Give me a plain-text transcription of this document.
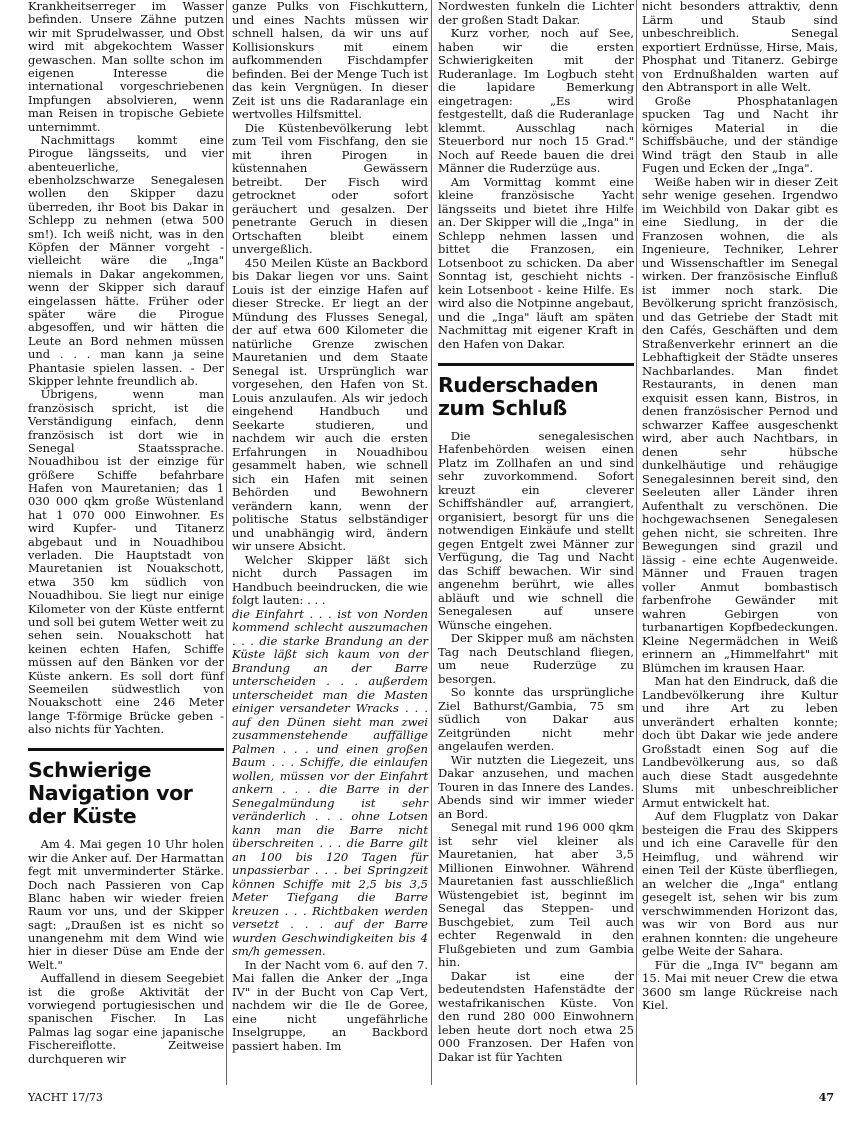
Krankheitserreger im Wasser befinden. Unsere Zähne putzen wir mit Sprudelwasser, und Obst wird mit abgekochtem Wasser gewaschen. Man sollte schon im eigenen Interesse die international vorgeschriebenen Impfungen absolvieren, wenn man Reisen in tropische Gebiete unternimmt.

Nachmittags kommt eine Pirogue längsseits, und vier abenteuerliche, ebenholzschwarze Senegalesen wollen den Skipper dazu überreden, ihr Boot bis Dakar in Schlepp zu nehmen (etwa 500 sm!). Ich weiß nicht, was in den Köpfen der Männer vorgeht - vielleicht wäre die „Inga" niemals in Dakar angekommen, wenn der Skipper sich darauf eingelassen hätte. Früher oder später wäre die Pirogue abgesoffen, und wir hätten die Leute an Bord nehmen müssen und . . . man kann ja seine Phantasie spielen lassen. - Der Skipper lehnte freundlich ab.

Übrigens, wenn man französisch spricht, ist die Verständigung einfach, denn französisch ist dort wie in Senegal Staatssprache. Nouadhibou ist der einzige für größere Schiffe befahrbare Hafen von Mauretanien; das 1 030 000 qkm große Wüstenland hat 1 070 000 Einwohner. Es wird Kupfer- und Titanerz abgebaut und in Nouadhibou verladen. Die Hauptstadt von Mauretanien ist Nouakschott, etwa 350 km südlich von Nouadhibou. Sie liegt nur einige Kilometer von der Küste entfernt und soll bei gutem Wetter weit zu sehen sein. Nouakschott hat keinen echten Hafen, Schiffe müssen auf den Bänken vor der Küste ankern. Es soll dort fünf Seemeilen südwestlich von Nouakschott eine 246 Meter lange T-förmige Brücke geben - also nichts für Yachten.

Schwierige Navigation vor der Küste

Am 4. Mai gegen 10 Uhr holen wir die Anker auf. Der Harmattan fegt mit unverminderter Stärke. Doch nach Passieren von Cap Blanc haben wir wieder freien Raum vor uns, und der Skipper sagt: „Draußen ist es nicht so unangenehm mit dem Wind wie hier in dieser Düse am Ende der Welt."

Auffallend in diesem Seegebiet ist die große Aktivität der vorwiegend portugiesischen und spanischen Fischer. In Las Palmas lag sogar eine japanische Fischereiflotte. Zeitweise durchqueren wir

ganze Pulks von Fischkuttern, und eines Nachts müssen wir schnell halsen, da wir uns auf Kollisionskurs mit einem aufkommenden Fischdampfer befinden. Bei der Menge Tuch ist das kein Vergnügen. In dieser Zeit ist uns die Radaranlage ein wertvolles Hilfsmittel.

Die Küstenbevölkerung lebt zum Teil vom Fischfang, den sie mit ihren Pirogen in küstennahen Gewässern betreibt. Der Fisch wird getrocknet oder sofort geräuchert und gesalzen. Der penetrante Geruch in diesen Ortschaften bleibt einem unvergeßlich.

450 Meilen Küste an Backbord bis Dakar liegen vor uns. Saint Louis ist der einzige Hafen auf dieser Strecke. Er liegt an der Mündung des Flusses Senegal, der auf etwa 600 Kilometer die natürliche Grenze zwischen Mauretanien und dem Staate Senegal ist. Ursprünglich war vorgesehen, den Hafen von St. Louis anzulaufen. Als wir jedoch eingehend Handbuch und Seekarte studieren, und nachdem wir auch die ersten Erfahrungen in Nouadhibou gesammelt haben, wie schnell sich ein Hafen mit seinen Behörden und Bewohnern verändern kann, wenn der politische Status selbständiger und unabhängig wird, ändern wir unsere Absicht.

Welcher Skipper läßt sich nicht durch Passagen im Handbuch beeindrucken, die wie folgt lauten: . . .

die Einfahrt . . . ist von Norden kommend schlecht auszumachen . . . die starke Brandung an der Küste läßt sich kaum von der Brandung an der Barre unterscheiden . . . außerdem unterscheidet man die Masten einiger versandeter Wracks . . . auf den Dünen sieht man zwei zusammenstehende auffällige Palmen . . . und einen großen Baum . . . Schiffe, die einlaufen wollen, müssen vor der Einfahrt ankern . . . die Barre in der Senegalmündung ist sehr veränderlich . . . ohne Lotsen kann man die Barre nicht überschreiten . . . die Barre gilt an 100 bis 120 Tagen für unpassierbar . . . bei Springzeit können Schiffe mit 2,5 bis 3,5 Meter Tiefgang die Barre kreuzen . . . Richtbaken werden versetzt . . . auf der Barre wurden Geschwindigkeiten bis 4 sm/h gemessen.

In der Nacht vom 6. auf den 7. Mai fallen die Anker der „Inga IV" in der Bucht von Cap Vert, nachdem wir die Ile de Goree, eine nicht ungefährliche Inselgruppe, an Backbord passiert haben. Im

Nordwesten funkeln die Lichter der großen Stadt Dakar.

Kurz vorher, noch auf See, haben wir die ersten Schwierigkeiten mit der Ruderanlage. Im Logbuch steht die lapidare Bemerkung eingetragen: „Es wird festgestellt, daß die Ruderanlage klemmt. Ausschlag nach Steuerbord nur noch 15 Grad." Noch auf Reede bauen die drei Männer die Ruderzüge aus.

Am Vormittag kommt eine kleine französische Yacht längsseits und bietet ihre Hilfe an. Der Skipper will die „Inga" in Schlepp nehmen lassen und bittet die Franzosen, ein Lotsenboot zu schicken. Da aber Sonntag ist, geschieht nichts - kein Lotsenboot - keine Hilfe. Es wird also die Notpinne angebaut, und die „Inga" läuft am späten Nachmittag mit eigener Kraft in den Hafen von Dakar.

Ruderschaden zum Schluß

Die senegalesischen Hafenbehörden weisen einen Platz im Zollhafen an und sind sehr zuvorkommend. Sofort kreuzt ein cleverer Schiffshändler auf, arrangiert, organisiert, besorgt für uns die notwendigen Einkäufe und stellt gegen Entgelt zwei Männer zur Verfügung, die Tag und Nacht das Schiff bewachen. Wir sind angenehm berührt, wie alles abläuft und wie schnell die Senegalesen auf unsere Wünsche eingehen.

Der Skipper muß am nächsten Tag nach Deutschland fliegen, um neue Ruderzüge zu besorgen.

So konnte das ursprüngliche Ziel Bathurst/Gambia, 75 sm südlich von Dakar aus Zeitgründen nicht mehr angelaufen werden.

Wir nutzten die Liegezeit, uns Dakar anzusehen, und machen Touren in das Innere des Landes. Abends sind wir immer wieder an Bord.

Senegal mit rund 196 000 qkm ist sehr viel kleiner als Mauretanien, hat aber 3,5 Millionen Einwohner. Während Mauretanien fast ausschließlich Wüstengebiet ist, beginnt im Senegal das Steppen- und Buschgebiet, zum Teil auch echter Regenwald in den Flußgebieten und zum Gambia hin.

Dakar ist eine der bedeutendsten Hafenstädte der westafrikanischen Küste. Von den rund 280 000 Einwohnern leben heute dort noch etwa 25 000 Franzosen. Der Hafen von Dakar ist für Yachten

nicht besonders attraktiv, denn Lärm und Staub sind unbeschreiblich. Senegal exportiert Erdnüsse, Hirse, Mais, Phosphat und Titanerz. Gebirge von Erdnußhalden warten auf den Abtransport in alle Welt.

Große Phosphatanlagen spucken Tag und Nacht ihr körniges Material in die Schiffsbäuche, und der ständige Wind trägt den Staub in alle Fugen und Ecken der „Inga".

Weiße haben wir in dieser Zeit sehr wenige gesehen. Irgendwo im Weichbild von Dakar gibt es eine Siedlung, in der die Franzosen wohnen, die als Ingenieure, Techniker, Lehrer und Wissenschaftler im Senegal wirken. Der französische Einfluß ist immer noch stark. Die Bevölkerung spricht französisch, und das Getriebe der Stadt mit den Cafés, Geschäften und dem Straßenverkehr erinnert an die Lebhaftigkeit der Städte unseres Nachbarlandes. Man findet Restaurants, in denen man exquisit essen kann, Bistros, in denen französischer Pernod und schwarzer Kaffee ausgeschenkt wird, aber auch Nachtbars, in denen sehr hübsche dunkelhäutige und rehäugige Senegalesinnen bereit sind, den Seeleuten aller Länder ihren Aufenthalt zu verschönen. Die hochgewachsenen Senegalesen gehen nicht, sie schreiten. Ihre Bewegungen sind grazil und lässig - eine echte Augenweide. Männer und Frauen tragen voller Anmut bombastisch farbenfrohe Gewänder mit wahren Gebirgen von turbanartigen Kopfbedeckungen. Kleine Negermädchen in Weiß erinnern an „Himmelfahrt" mit Blümchen im krausen Haar.

Man hat den Eindruck, daß die Landbevölkerung ihre Kultur und ihre Art zu leben unverändert erhalten konnte; doch übt Dakar wie jede andere Großstadt einen Sog auf die Landbevölkerung aus, so daß auch diese Stadt ausgedehnte Slums mit unbeschreiblicher Armut entwickelt hat.

Auf dem Flugplatz von Dakar besteigen die Frau des Skippers und ich eine Caravelle für den Heimflug, und während wir einen Teil der Küste überfliegen, an welcher die „Inga" entlang gesegelt ist, sehen wir bis zum verschwimmenden Horizont das, was wir von Bord aus nur erahnen konnten: die ungeheure gelbe Weite der Sahara.

Für die „Inga IV" begann am 15. Mai mit neuer Crew die etwa 3600 sm lange Rückreise nach Kiel.

YACHT 17/73	47
